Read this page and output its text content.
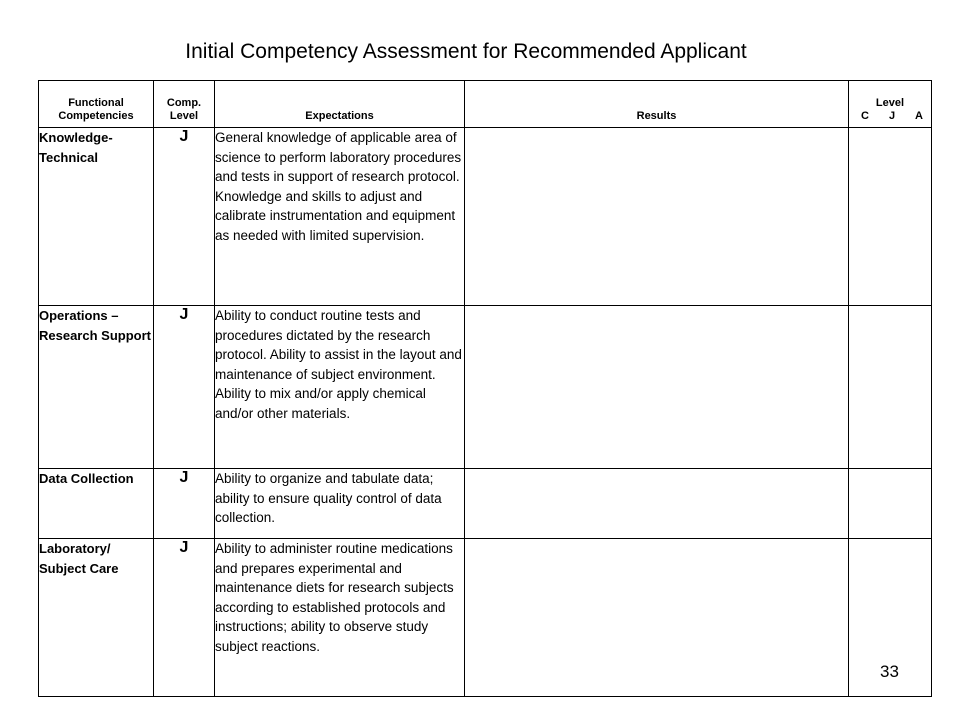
Initial Competency Assessment for Recommended Applicant
Functional Competencies	Comp. Level	Expectations	Results	Level
C J A

Knowledge-Technical	J	General knowledge of applicable area of science to perform laboratory procedures and tests in support of research protocol. Knowledge and skills to adjust and calibrate instrumentation and equipment as needed with limited supervision.		
Operations – Research Support	J	Ability to conduct routine tests and procedures dictated by the research protocol. Ability to assist in the layout and maintenance of subject environment. Ability to mix and/or apply chemical and/or other materials.		
Data Collection	J	Ability to organize and tabulate data; ability to ensure quality control of data collection.		
Laboratory/ Subject Care	J	Ability to administer routine medications and prepares experimental and maintenance diets for research subjects according to established protocols and instructions; ability to observe study subject reactions.		
33
